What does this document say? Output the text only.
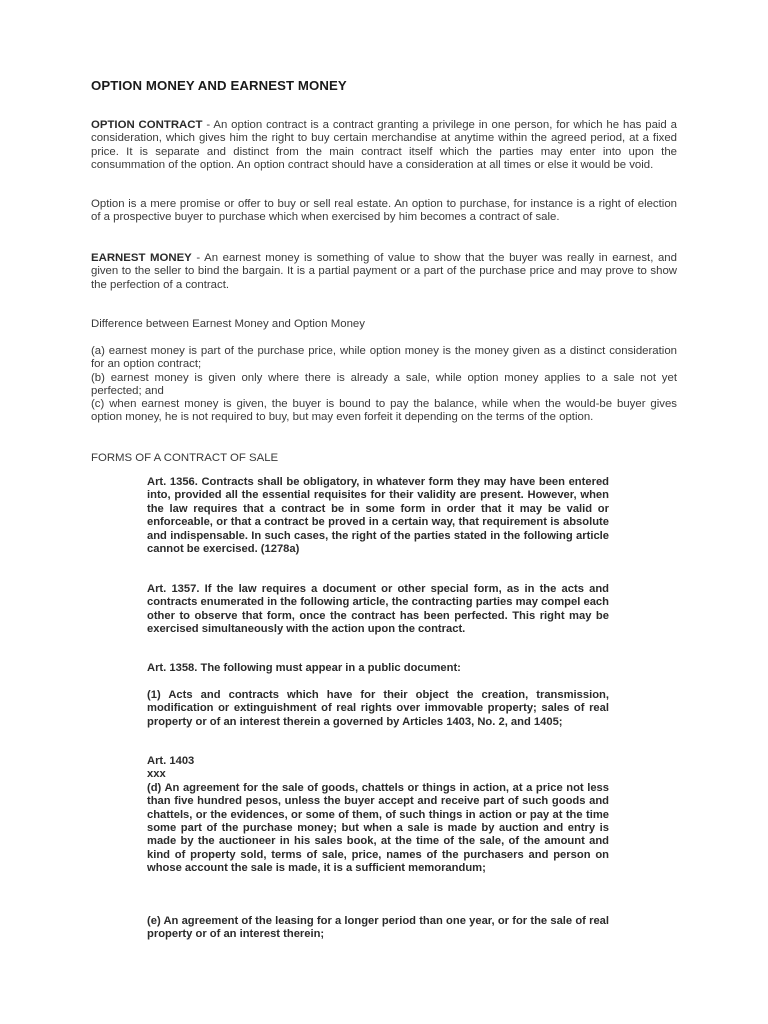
OPTION MONEY AND EARNEST MONEY

OPTION CONTRACT - An option contract is a contract granting a privilege in one person, for which he has paid a consideration, which gives him the right to buy certain merchandise at anytime within the agreed period, at a fixed price. It is separate and distinct from the main contract itself which the parties may enter into upon the consummation of the option. An option contract should have a consideration at all times or else it would be void.

Option is a mere promise or offer to buy or sell real estate. An option to purchase, for instance is a right of election of a prospective buyer to purchase which when exercised by him becomes a contract of sale.

EARNEST MONEY - An earnest money is something of value to show that the buyer was really in earnest, and given to the seller to bind the bargain. It is a partial payment or a part of the purchase price and may prove to show the perfection of a contract.

Difference between Earnest Money and Option Money

(a) earnest money is part of the purchase price, while option money is the money given as a distinct consideration for an option contract;

(b) earnest money is given only where there is already a sale, while option money applies to a sale not yet perfected; and

(c) when earnest money is given, the buyer is bound to pay the balance, while when the would-be buyer gives option money, he is not required to buy, but may even forfeit it depending on the terms of the option.

FORMS OF A CONTRACT OF SALE

Art. 1356. Contracts shall be obligatory, in whatever form they may have been entered into, provided all the essential requisites for their validity are present. However, when the law requires that a contract be in some form in order that it may be valid or enforceable, or that a contract be proved in a certain way, that requirement is absolute and indispensable. In such cases, the right of the parties stated in the following article cannot be exercised. (1278a)

Art. 1357. If the law requires a document or other special form, as in the acts and contracts enumerated in the following article, the contracting parties may compel each other to observe that form, once the contract has been perfected. This right may be exercised simultaneously with the action upon the contract.

Art. 1358. The following must appear in a public document:

(1) Acts and contracts which have for their object the creation, transmission, modification or extinguishment of real rights over immovable property; sales of real property or of an interest therein a governed by Articles 1403, No. 2, and 1405;

Art. 1403
xxx
(d) An agreement for the sale of goods, chattels or things in action, at a price not less than five hundred pesos, unless the buyer accept and receive part of such goods and chattels, or the evidences, or some of them, of such things in action or pay at the time some part of the purchase money; but when a sale is made by auction and entry is made by the auctioneer in his sales book, at the time of the sale, of the amount and kind of property sold, terms of sale, price, names of the purchasers and person on whose account the sale is made, it is a sufficient memorandum;

(e) An agreement of the leasing for a longer period than one year, or for the sale of real property or of an interest therein;
